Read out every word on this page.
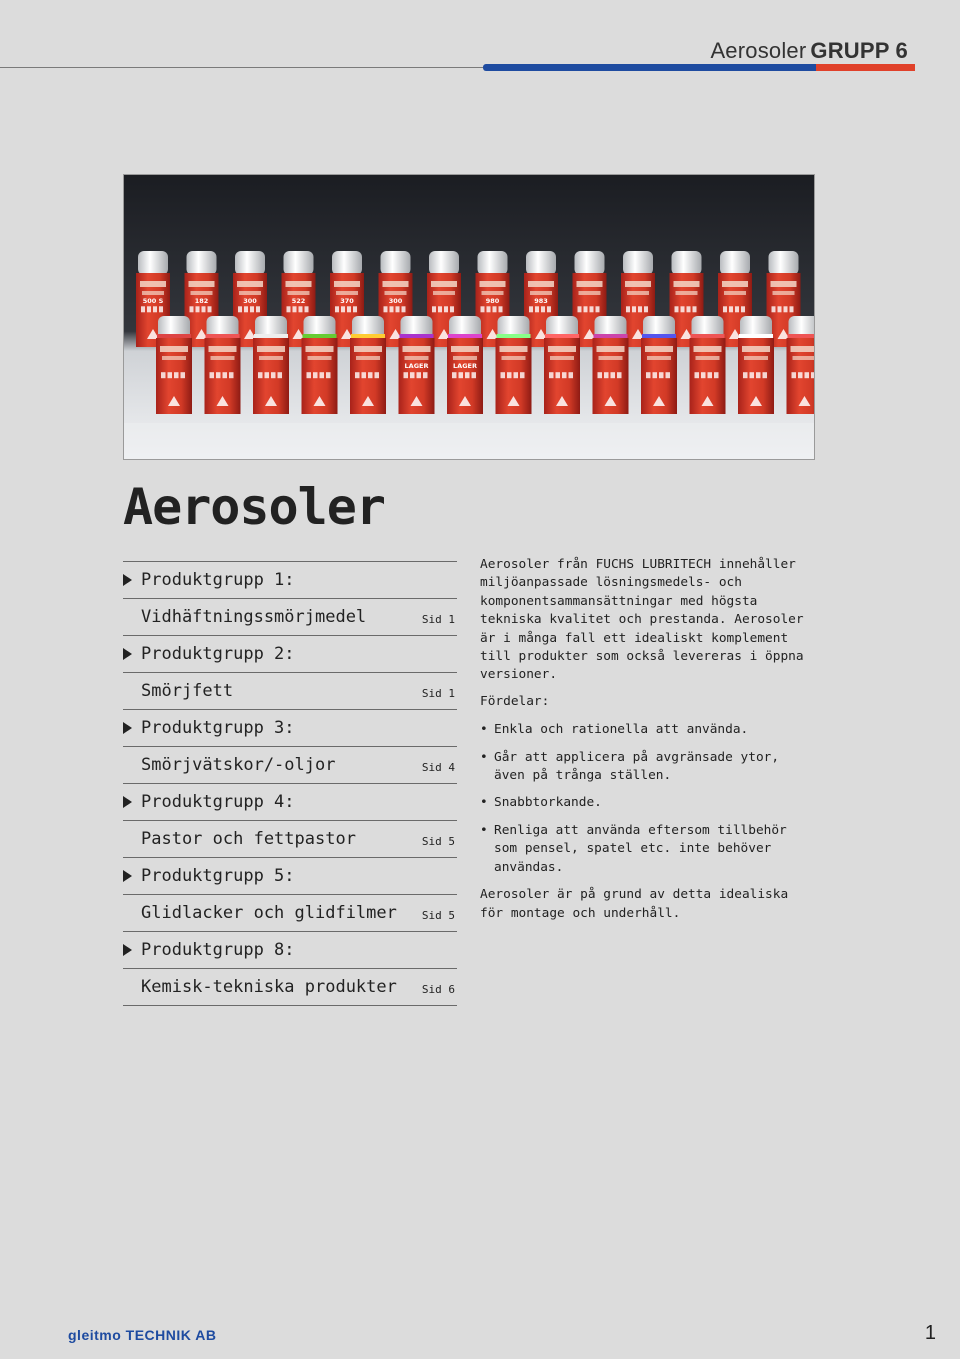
Aerosoler GRUPP 6
500 S	182	300	522	370	300	980	983
LAGER	LAGER
Aerosoler
Produktgrupp 1:
Vidhäftningssmörjmedel	Sid 1
Produktgrupp 2:
Smörjfett	Sid 1
Produktgrupp 3:
Smörjvätskor/-oljor	Sid 4
Produktgrupp 4:
Pastor och fettpastor	Sid 5
Produktgrupp 5:
Glidlacker och glidfilmer Sid 5
Produktgrupp 8:
Kemisk-tekniska produkter Sid 6

Aerosoler från FUCHS LUBRITECH innehåller miljöanpassade lösningsmedels- och komponentsammansättningar med högsta tekniska kvalitet och prestanda. Aerosoler är i många fall ett idealiskt komplement till produkter som också levereras i öppna versioner.

Fördelar:

• Enkla och rationella att använda.
• Går att applicera på avgränsade ytor, även på trånga ställen.
• Snabbtorkande.
• Renliga att använda eftersom tillbehör som pensel, spatel etc. inte behöver användas.

Aerosoler är på grund av detta idealiska för montage och underhåll.

gleitmo TECHNIK AB	1
